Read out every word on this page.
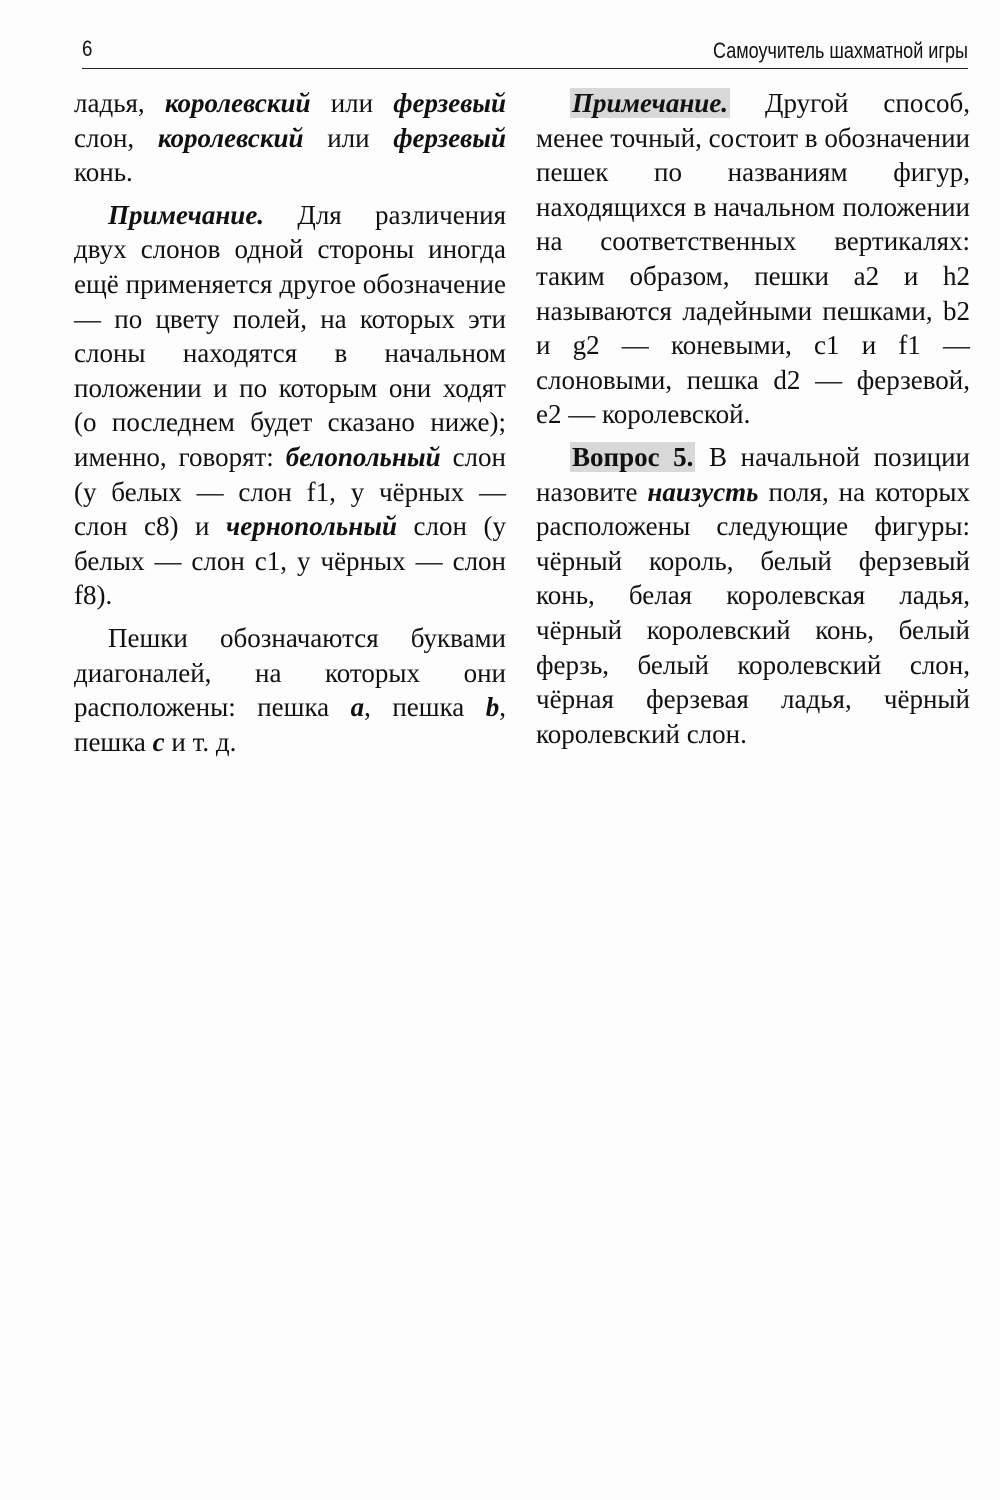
6	Самоучитель шахматной игры

ладья, королевский или ферзевый слон, королевский или ферзевый конь.

Примечание. Для различения двух слонов одной стороны иногда ещё применяется другое обозначение — по цвету полей, на которых эти слоны находятся в начальном положении и по которым они ходят (о последнем будет сказано ниже); именно, говорят: белопольный слон (у белых — слон f1, у чёрных — слон c8) и чернопольный слон (у белых — слон c1, у чёрных — слон f8).

Пешки обозначаются буквами диагоналей, на которых они расположены: пешка a, пешка b, пешка c и т. д.

Примечание. Другой способ, менее точный, состоит в обозначении пешек по названиям фигур, находящихся в начальном положении на соответственных вертикалях: таким образом, пешки a2 и h2 называются ладейными пешками, b2 и g2 — коневыми, c1 и f1 — слоновыми, пешка d2 — ферзевой, e2 — королевской.

Вопрос 5. В начальной позиции назовите наизусть поля, на которых расположены следующие фигуры: чёрный король, белый ферзевый конь, белая королевская ладья, чёрный королевский конь, белый ферзь, белый королевский слон, чёрная ферзевая ладья, чёрный королевский слон.
